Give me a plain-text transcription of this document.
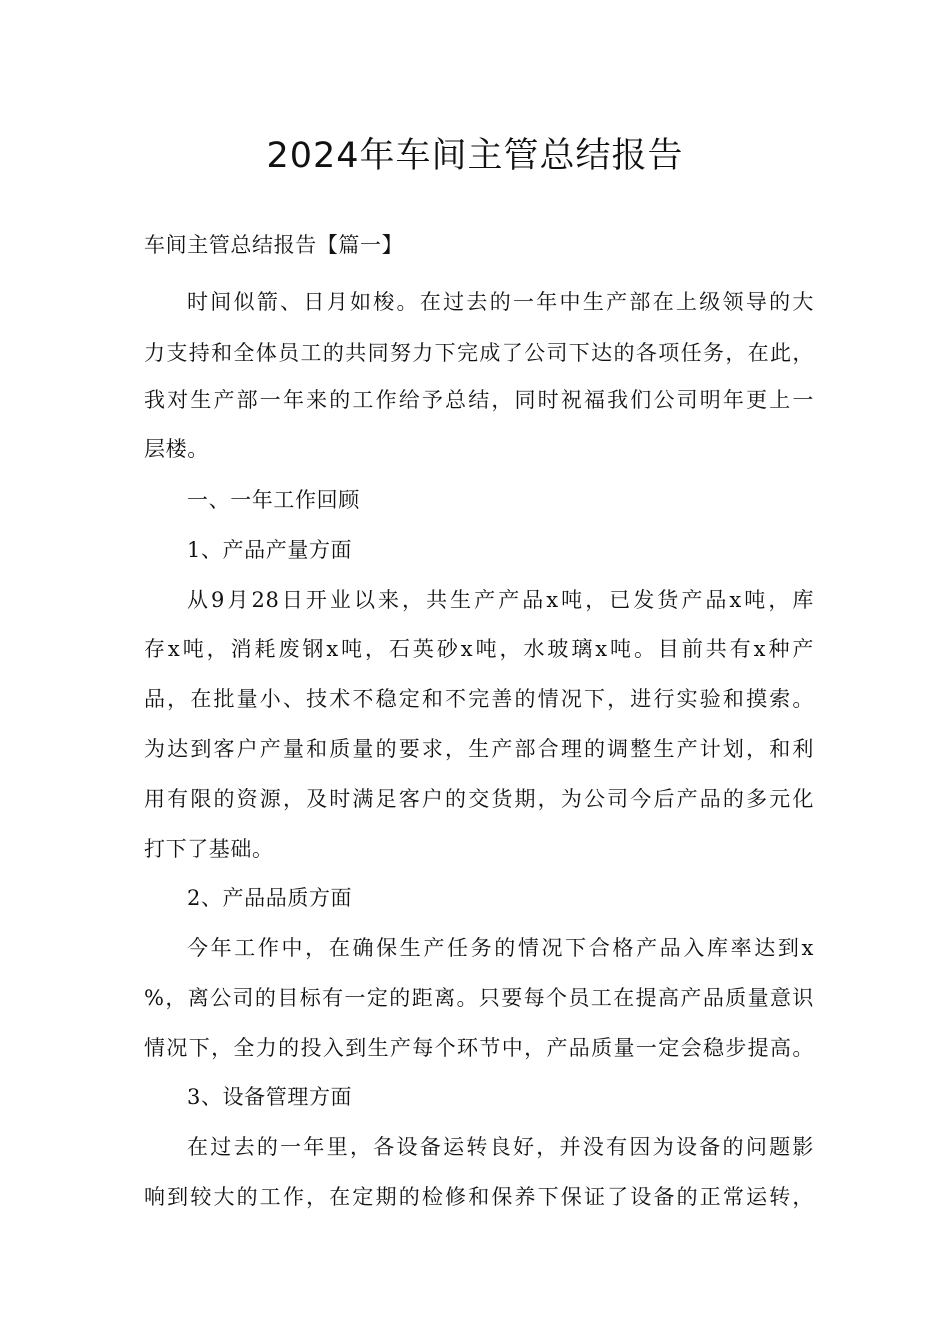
2024年车间主管总结报告

车间主管总结报告【篇一】

时间似箭、日月如梭。在过去的一年中生产部在上级领导的大

力支持和全体员工的共同努力下完成了公司下达的各项任务，在此，

我对生产部一年来的工作给予总结，同时祝福我们公司明年更上一

层楼。

一、一年工作回顾

1、产品产量方面

从9月28日开业以来，共生产产品x吨，已发货产品x吨，库

存x吨，消耗废钢x吨，石英砂x吨，水玻璃x吨。目前共有x种产

品，在批量小、技术不稳定和不完善的情况下，进行实验和摸索。

为达到客户产量和质量的要求，生产部合理的调整生产计划，和利

用有限的资源，及时满足客户的交货期，为公司今后产品的多元化

打下了基础。

2、产品品质方面

今年工作中，在确保生产任务的情况下合格产品入库率达到x

%，离公司的目标有一定的距离。只要每个员工在提高产品质量意识

情况下，全力的投入到生产每个环节中，产品质量一定会稳步提高。

3、设备管理方面

在过去的一年里，各设备运转良好，并没有因为设备的问题影

响到较大的工作，在定期的检修和保养下保证了设备的正常运转，
